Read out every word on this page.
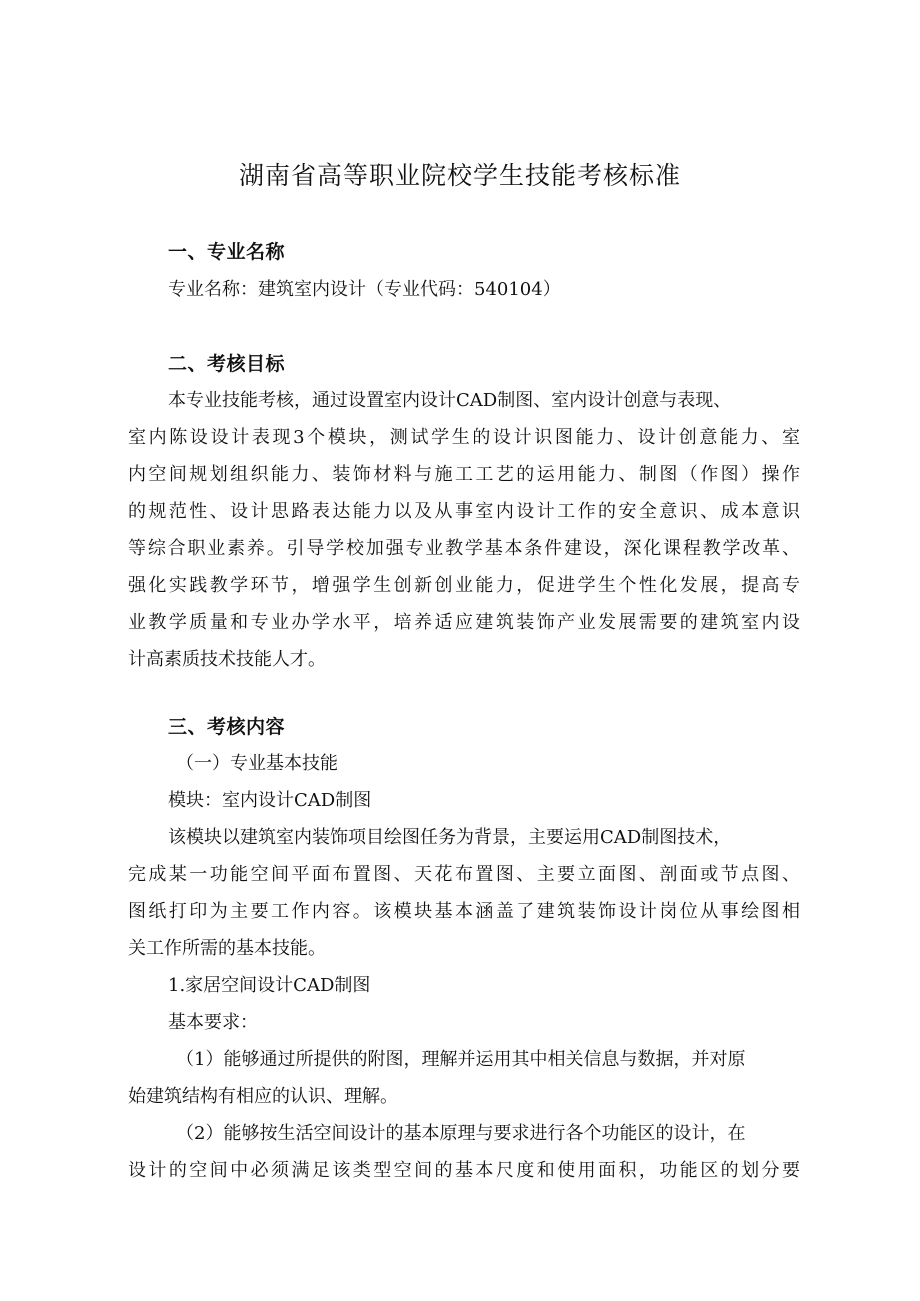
湖南省高等职业院校学生技能考核标准
一、专业名称
专业名称：建筑室内设计（专业代码：540104）
二、考核目标
本专业技能考核，通过设置室内设计CAD制图、室内设计创意与表现、
室内陈设设计表现3个模块，测试学生的设计识图能力、设计创意能力、室
内空间规划组织能力、装饰材料与施工工艺的运用能力、制图（作图）操作
的规范性、设计思路表达能力以及从事室内设计工作的安全意识、成本意识
等综合职业素养。引导学校加强专业教学基本条件建设，深化课程教学改革、
强化实践教学环节，增强学生创新创业能力，促进学生个性化发展，提高专
业教学质量和专业办学水平，培养适应建筑装饰产业发展需要的建筑室内设
计高素质技术技能人才。
三、考核内容
（一）专业基本技能
模块：室内设计CAD制图
该模块以建筑室内装饰项目绘图任务为背景，主要运用CAD制图技术，
完成某一功能空间平面布置图、天花布置图、主要立面图、剖面或节点图、
图纸打印为主要工作内容。该模块基本涵盖了建筑装饰设计岗位从事绘图相
关工作所需的基本技能。
1.家居空间设计CAD制图
基本要求：
（1）能够通过所提供的附图，理解并运用其中相关信息与数据，并对原
始建筑结构有相应的认识、理解。
（2）能够按生活空间设计的基本原理与要求进行各个功能区的设计，在
设计的空间中必须满足该类型空间的基本尺度和使用面积，功能区的划分要
